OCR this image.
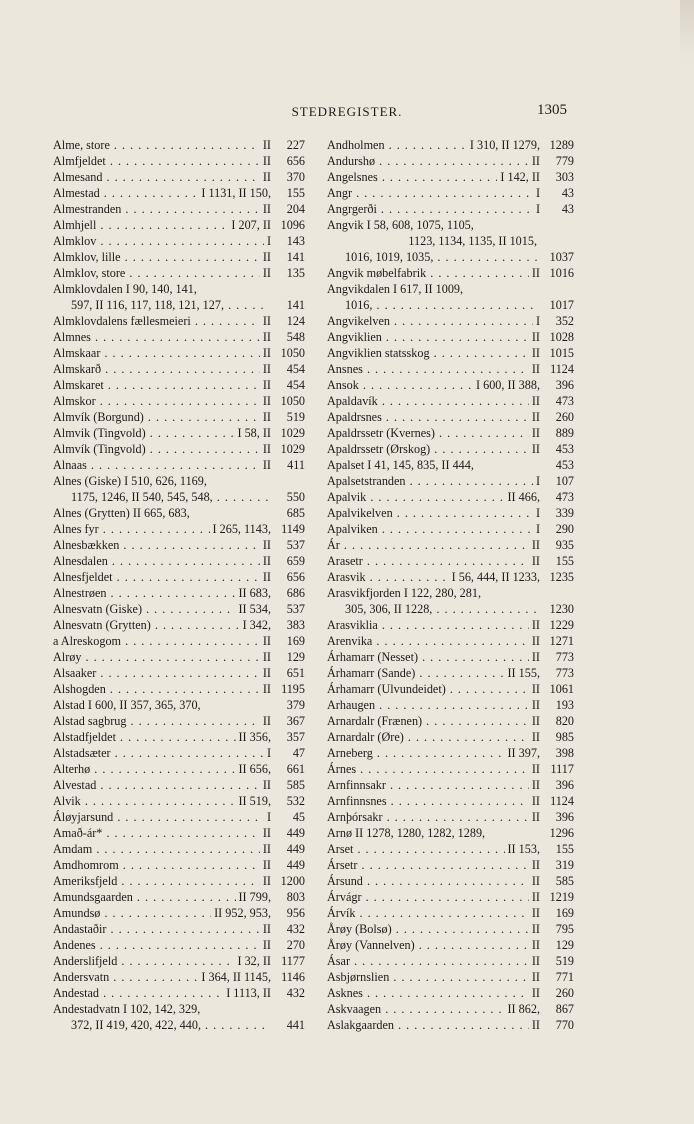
STEDREGISTER.	1305
Alme, store . . .	II	227
Almfjeldet . . .	II	656
Almesand . . .	II	370
Almestad . . .	I 1131, II 150,	155
Almestranden . . .	II	204
Almhjell . . .	I 207, II 1096
Almklov . . .	I	143
Almklov, lille . . .	II	141
Almklov, store . . .	II	135
Almklovdalen I 90, 140, 141,
597, II 116, 117, 118, 121, 127, . . .	141
Almklovdalens fællesmeieri . . .	II	124
Almnes . . .	II	548
Almskaar . . .	II 1050
Almskarð . . .	II	454
Almskaret . . .	II	454
Almskor . . .	II 1050
Almvík (Borgund) . . .	II	519
Almvik (Tingvold) . . .	I 58, II 1029
Almvík (Tingvold) . . .	II 1029
Alnaas . . .	II	411
Alnes (Giske) I 510, 626, 1169,
1175, 1246, II 540, 545, 548, . . .	550
Alnes (Grytten) II 665, 683,	685
Alnes fyr . . .	I 265, 1143, 1149
Alnesbækken . . .	II	537
Alnesdalen . . .	II	659
Alnesfjeldet . . .	II	656
Alnestrøen . . .	II 683,	686
Alnesvatn (Giske) . . .	II 534,	537
Alnesvatn (Grytten) . . .	I 342,	383
a Alreskogom . . .	II	169
Alrøy . . .	II	129
Alsaaker . . .	II	651
Alshogden . . .	II 1195
Alstad I 600, II 357, 365, 370,	379
Alstad sagbrug . . .	II	367
Alstadfjeldet . . .	II 356,	357
Alstadsæter . . .	I	47
Alterhø . . .	II 656,	661
Alvestad . . .	II	585
Alvik . . .	II 519,	532
Áløyjarsund . . .	I	45
Amað-ár* . . .	II	449
Amdam . . .	II	449
Amdhomrom . . .	II	449
Ameriksfjeld . . .	II 1200
Amundsgaarden . . .	II 799,	803
Amundsø . . .	II 952, 953,	956
Andastaðir . . .	II	432
Andenes . . .	II	270
Anderslifjeld . . .	I 32, II 1177
Andersvatn . . .	I 364, II 1145, 1146
Andestad . . .	I 1113, II	432
Andestadvatn I 102, 142, 329,
372, II 419, 420, 422, 440, . . .	441
Andholmen . . .	I 310, II 1279, 1289
Andurshø . . .	II	779
Angelsnes . . .	I 142, II	303
Angr . . .	I	43
Angrgerði . . .	I	43
Angvik I 58, 608, 1075, 1105,
1123, 1134, 1135, II 1015,
1016, 1019, 1035, . . .	1037
Angvik møbelfabrik . . .	II 1016
Angvikdalen I 617, II 1009,
1016, . . .	1017
Angvikelven . . .	I	352
Angviklien . . .	II 1028
Angviklien statsskog . . .	II 1015
Ansnes . . .	II 1124
Ansok . . .	I 600, II 388,	396
Apaldavík . . .	II	473
Apaldrsnes . . .	II	260
Apaldrssetr (Kvernes) . . .	II	889
Apaldrssetr (Ørskog) . . .	II	453
Apalset I 41, 145, 835, II 444,	453
Apalsetstranden . . .	I	107
Apalvik . . .	II 466,	473
Apalvikelven . . .	I	339
Apalviken . . .	I	290
Ár . . .	II	935
Arasetr . . .	II	155
Arasvik . . .	I 56, 444, II 1233, 1235
Arasvikfjorden I 122, 280, 281,
305, 306, II 1228, . . .	1230
Arasviklia . . .	II 1229
Arenvika . . .	II 1271
Árhamarr (Nesset) . . .	II	773
Árhamarr (Sande) . . .	II 155,	773
Árhamarr (Ulvundeidet) . . .	II 1061
Arhaugen . . .	II	193
Arnardalr (Frænen) . . .	II	820
Arnardalr (Øre) . . .	II	985
Arneberg . . .	II 397,	398
Árnes . . .	II 1117
Arnfinnsakr . . .	II	396
Arnfinnsnes . . .	II 1124
Arnþórsakr . . .	II	396
Arnø II 1278, 1280, 1282, 1289,	1296
Arset . . .	II 153,	155
Ársetr . . .	II	319
Ársund . . .	II	585
Árvágr . . .	II 1219
Árvík . . .	II	169
Årøy (Bolsø) . . .	II	795
Årøy (Vannelven) . . .	II	129
Ásar . . .	II	519
Asbjørnslien . . .	II	771
Asknes . . .	II	260
Askvaagen . . .	II 862,	867
Aslakgaarden . . .	II	770
